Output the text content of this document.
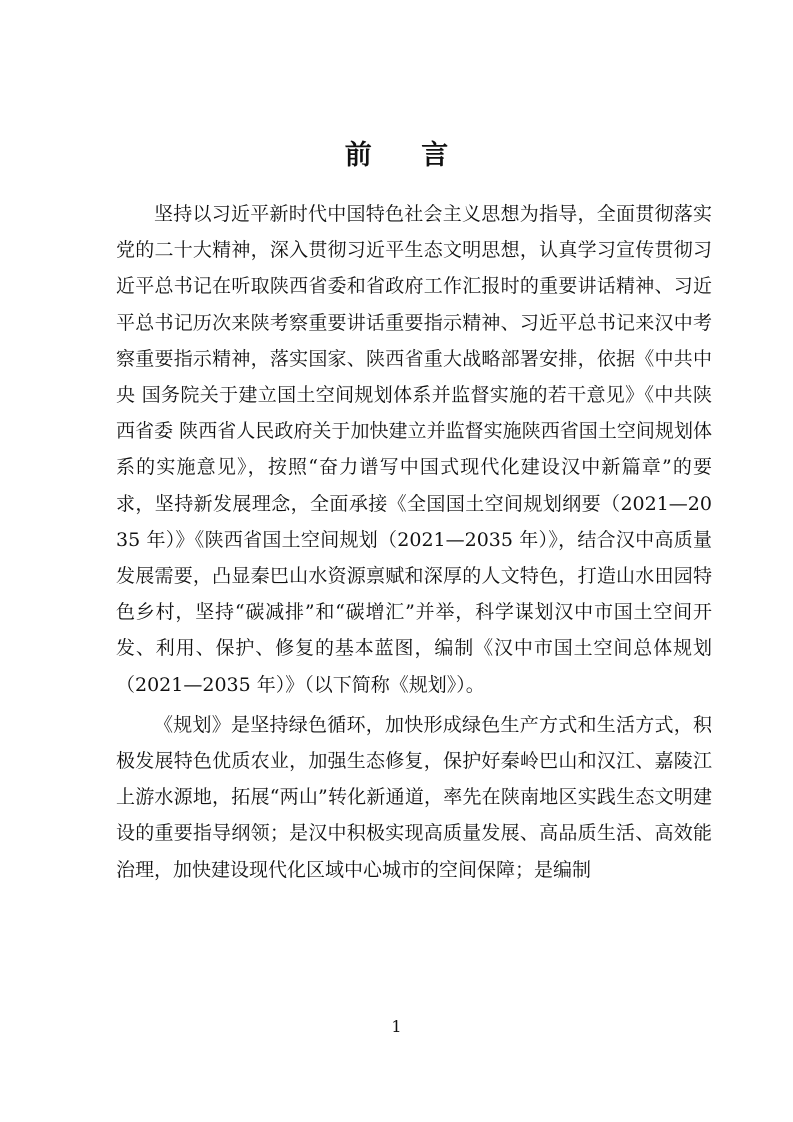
前 言

坚持以习近平新时代中国特色社会主义思想为指导，全面贯彻落实党的二十大精神，深入贯彻习近平生态文明思想，认真学习宣传贯彻习近平总书记在听取陕西省委和省政府工作汇报时的重要讲话精神、习近平总书记历次来陕考察重要讲话重要指示精神、习近平总书记来汉中考察重要指示精神，落实国家、陕西省重大战略部署安排，依据《中共中央 国务院关于建立国土空间规划体系并监督实施的若干意见》《中共陕西省委 陕西省人民政府关于加快建立并监督实施陕西省国土空间规划体系的实施意见》，按照“奋力谱写中国式现代化建设汉中新篇章”的要求，坚持新发展理念，全面承接《全国国土空间规划纲要（2021—2035 年）》《陕西省国土空间规划（2021—2035 年）》，结合汉中高质量发展需要，凸显秦巴山水资源禀赋和深厚的人文特色，打造山水田园特色乡村，坚持“碳减排”和“碳增汇”并举，科学谋划汉中市国土空间开发、利用、保护、修复的基本蓝图，编制《汉中市国土空间总体规划（2021—2035 年）》（以下简称《规划》）。

《规划》是坚持绿色循环，加快形成绿色生产方式和生活方式，积极发展特色优质农业，加强生态修复，保护好秦岭巴山和汉江、嘉陵江上游水源地，拓展“两山”转化新通道，率先在陕南地区实践生态文明建设的重要指导纲领；是汉中积极实现高质量发展、高品质生活、高效能治理，加快建设现代化区域中心城市的空间保障；是编制

1
